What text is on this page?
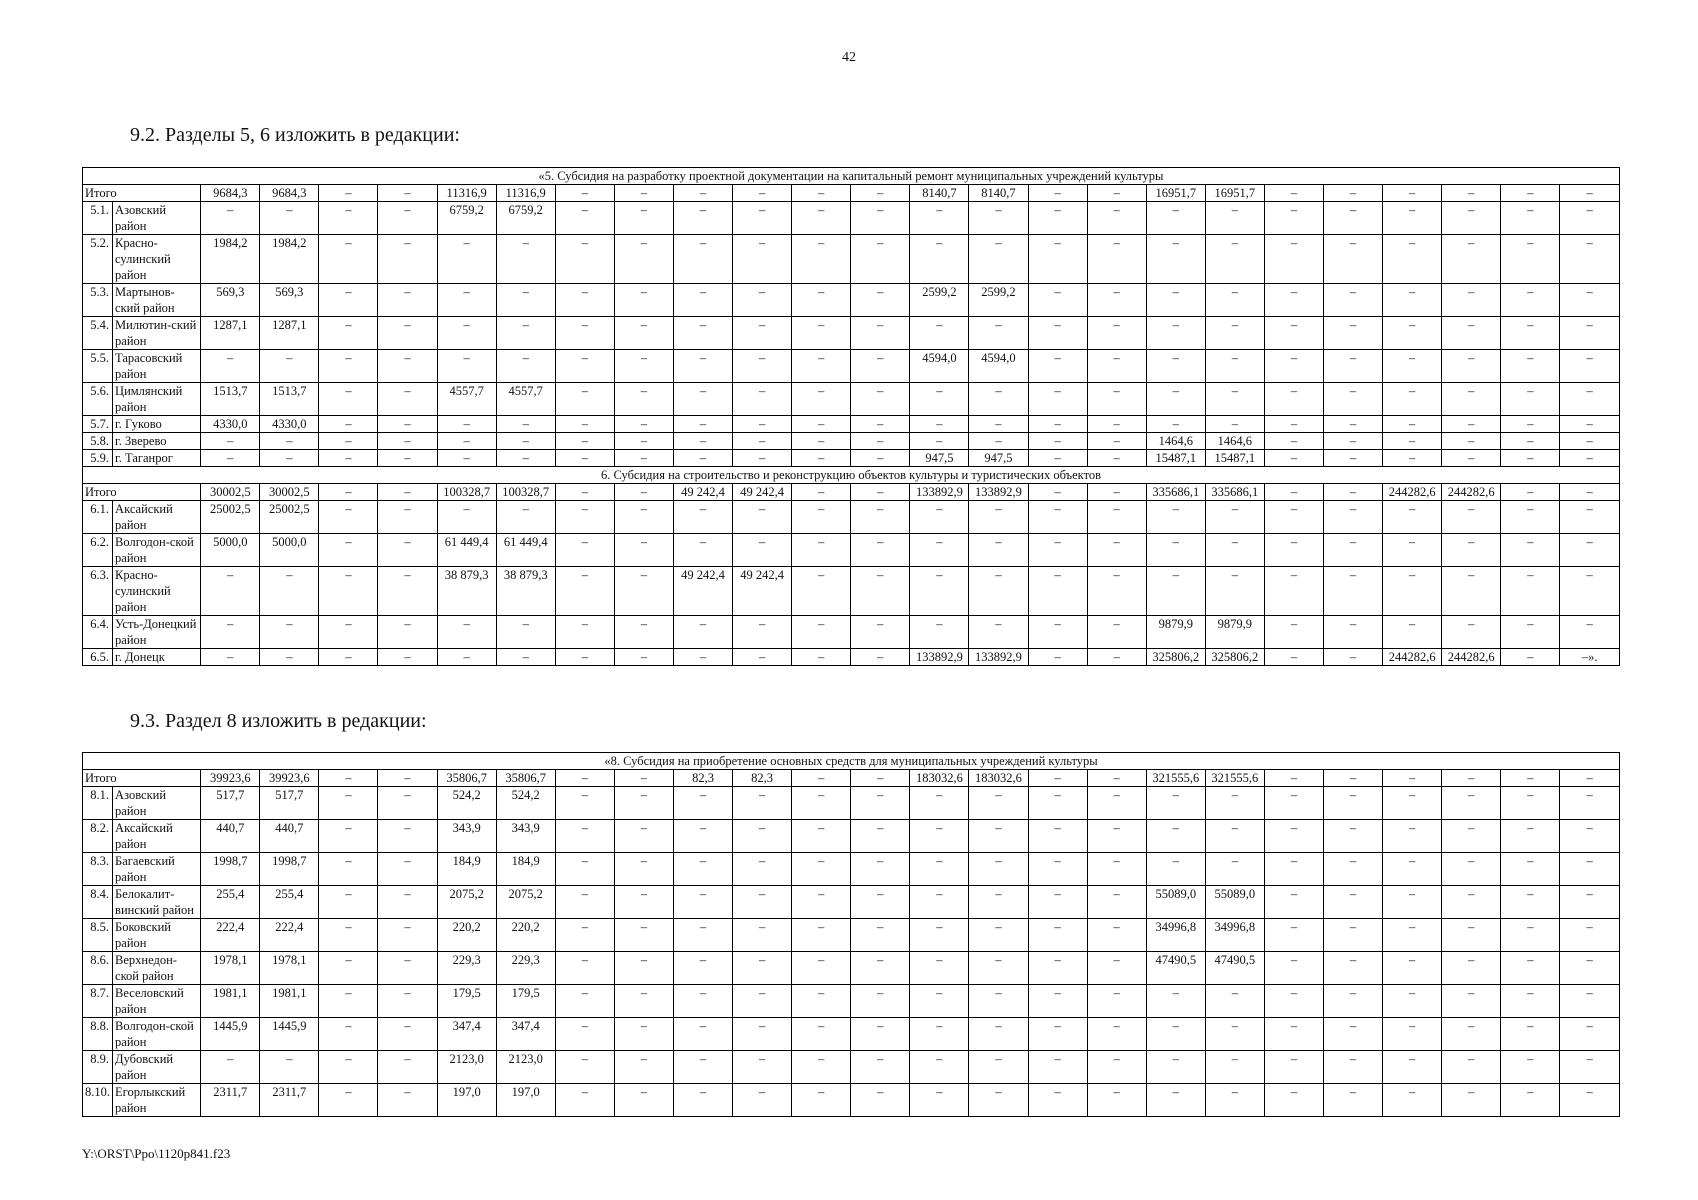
42
9.2. Разделы 5, 6 изложить в редакции:
9.3. Раздел 8 изложить в редакции:
«5. Субсидия на разработку проектной документации на капитальный ремонт муниципальных учреждений культуры																									
Итого		9684,3	9684,3	–	–	11316,9	11316,9	–	–	–	–	–	–	8140,7	8140,7	–	–	16951,7	16951,7	–	–	–	–	–	–
5.1.	Азовский район	–	–	–	–	6759,2	6759,2	–	–	–	–	–	–	–	–	–	–	–	–	–	–	–	–	–	–
5.2.	Красно-сулинский район	1984,2	1984,2	–	–	–	–	–	–	–	–	–	–	–	–	–	–	–	–	–	–	–	–	–	–
5.3.	Мартынов-ский район	569,3	569,3	–	–	–	–	–	–	–	–	–	–	2599,2	2599,2	–	–	–	–	–	–	–	–	–	–
5.4.	Милютин-ский район	1287,1	1287,1	–	–	–	–	–	–	–	–	–	–	–	–	–	–	–	–	–	–	–	–	–	–
5.5.	Тарасовский район	–	–	–	–	–	–	–	–	–	–	–	–	4594,0	4594,0	–	–	–	–	–	–	–	–	–	–
5.6.	Цимлянский район	1513,7	1513,7	–	–	4557,7	4557,7	–	–	–	–	–	–	–	–	–	–	–	–	–	–	–	–	–	–
5.7.	г. Гуково	4330,0	4330,0	–	–	–	–	–	–	–	–	–	–	–	–	–	–	–	–	–	–	–	–	–	–
5.8.	г. Зверево	–	–	–	–	–	–	–	–	–	–	–	–	–	–	–	–	1464,6	1464,6	–	–	–	–	–	–
5.9.	г. Таганрог	–	–	–	–	–	–	–	–	–	–	–	–	947,5	947,5	–	–	15487,1	15487,1	–	–	–	–	–	–
6. Субсидия на строительство и реконструкцию объектов культуры и туристических объектов																									
Итого		30002,5	30002,5	–	–	100328,7	100328,7	–	–	49 242,4	49 242,4	–	–	133892,9	133892,9	–	–	335686,1	335686,1	–	–	244282,6	244282,6	–	–
6.1.	Аксайский район	25002,5	25002,5	–	–	–	–	–	–	–	–	–	–	–	–	–	–	–	–	–	–	–	–	–	–
6.2.	Волгодон-ской район	5000,0	5000,0	–	–	61 449,4	61 449,4	–	–	–	–	–	–	–	–	–	–	–	–	–	–	–	–	–	–
6.3.	Красно-сулинский район	–	–	–	–	38 879,3	38 879,3	–	–	49 242,4	49 242,4	–	–	–	–	–	–	–	–	–	–	–	–	–	–
6.4.	Усть-Донецкий район	–	–	–	–	–	–	–	–	–	–	–	–	–	–	–	–	9879,9	9879,9	–	–	–	–	–	–
6.5.	г. Донецк	–	–	–	–	–	–	–	–	–	–	–	–	133892,9	133892,9	–	–	325806,2	325806,2	–	–	244282,6	244282,6	–	–».
«8. Субсидия на приобретение основных средств для муниципальных учреждений культуры																									
Итого		39923,6	39923,6	–	–	35806,7	35806,7	–	–	82,3	82,3	–	–	183032,6	183032,6	–	–	321555,6	321555,6	–	–	–	–	–	–
8.1.	Азовский район	517,7	517,7	–	–	524,2	524,2	–	–	–	–	–	–	–	–	–	–	–	–	–	–	–	–	–	–
8.2.	Аксайский район	440,7	440,7	–	–	343,9	343,9	–	–	–	–	–	–	–	–	–	–	–	–	–	–	–	–	–	–
8.3.	Багаевский район	1998,7	1998,7	–	–	184,9	184,9	–	–	–	–	–	–	–	–	–	–	–	–	–	–	–	–	–	–
8.4.	Белокалит-винский район	255,4	255,4	–	–	2075,2	2075,2	–	–	–	–	–	–	–	–	–	–	55089,0	55089,0	–	–	–	–	–	–
8.5.	Боковский район	222,4	222,4	–	–	220,2	220,2	–	–	–	–	–	–	–	–	–	–	34996,8	34996,8	–	–	–	–	–	–
8.6.	Верхнедон-ской район	1978,1	1978,1	–	–	229,3	229,3	–	–	–	–	–	–	–	–	–	–	47490,5	47490,5	–	–	–	–	–	–
8.7.	Веселовский район	1981,1	1981,1	–	–	179,5	179,5	–	–	–	–	–	–	–	–	–	–	–	–	–	–	–	–	–	–
8.8.	Волгодон-ской район	1445,9	1445,9	–	–	347,4	347,4	–	–	–	–	–	–	–	–	–	–	–	–	–	–	–	–	–	–
8.9.	Дубовский район	–	–	–	–	2123,0	2123,0	–	–	–	–	–	–	–	–	–	–	–	–	–	–	–	–	–	–
8.10.	Егорлыкский район	2311,7	2311,7	–	–	197,0	197,0	–	–	–	–	–	–	–	–	–	–	–	–	–	–	–	–	–	–
Y:\ORST\Ppo\1120p841.f23
